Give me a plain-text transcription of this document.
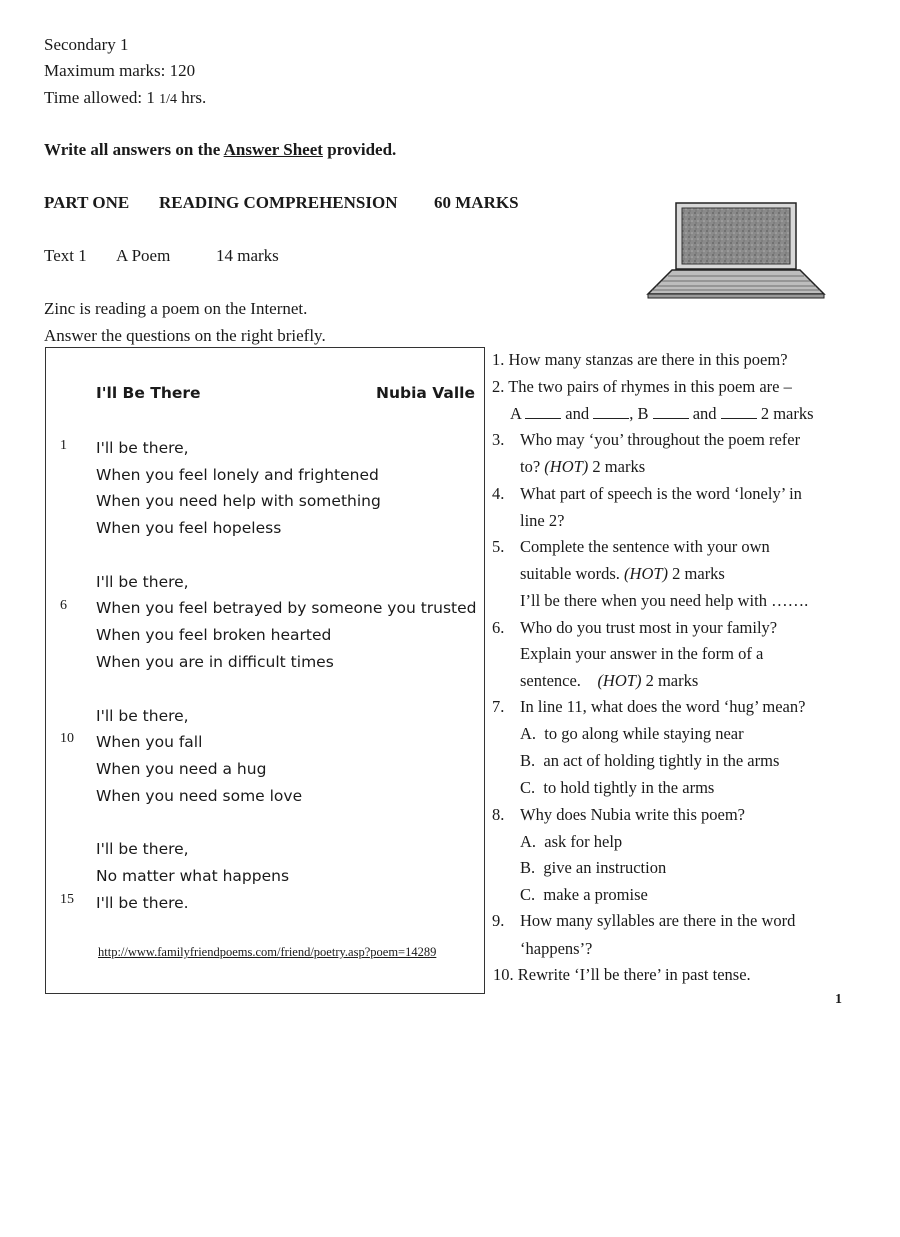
Secondary 1
Maximum marks: 120
Time allowed: 1 1/4 hrs.
Write all answers on the Answer Sheet provided.
PART ONE READING COMPREHENSION 60 MARKS
Text 1 A Poem	14 marks
Zinc is reading a poem on the Internet.
Answer the questions on the right briefly.
I'll Be There	Nubia Valle
1
6
10
15
I'll be there,
When you feel lonely and frightened
When you need help with something
When you feel hopeless
I'll be there,
When you feel betrayed by someone you trusted
When you feel broken hearted
When you are in difficult times
I'll be there,
When you fall
When you need a hug
When you need some love
I'll be there,
No matter what happens
I'll be there.
http://www.familyfriendpoems.com/friend/poetry.asp?poem=14289
1. How many stanzas are there in this poem?
2. The two pairs of rhymes in this poem are –
A	and , B	and	2 marks
3. Who may ‘you’ throughout the poem refer
to? (HOT) 2 marks
4. What part of speech is the word ‘lonely’ in
line 2?
5. Complete the sentence with your own
suitable words. (HOT) 2 marks
I’ll be there when you need help with …….
6. Who do you trust most in your family?
Explain your answer in the form of a
sentence.    (HOT) 2 marks
7. In line 11, what does the word ‘hug’ mean?
A.  to go along while staying near
B.  an act of holding tightly in the arms
C.  to hold tightly in the arms
8. Why does Nubia write this poem?
A.  ask for help
B.  give an instruction
C.  make a promise
9. How many syllables are there in the word
‘happens’?
10. Rewrite ‘I’ll be there’ in past tense.
1
